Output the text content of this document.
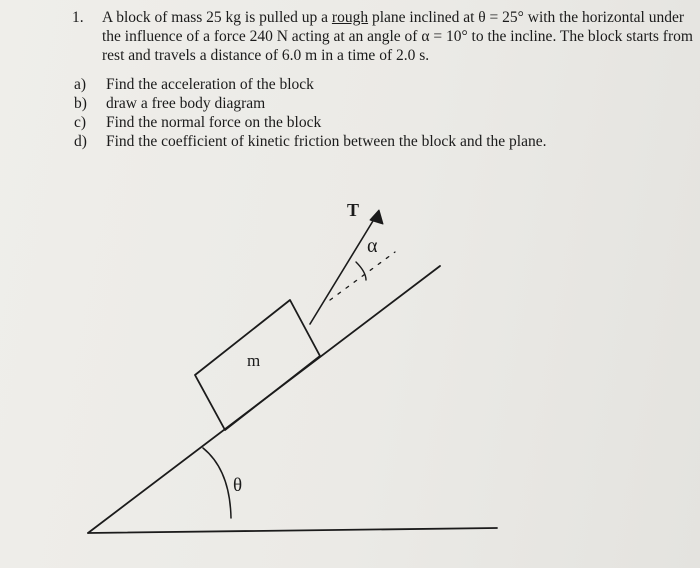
1.	A block of mass 25 kg is pulled up a rough plane inclined at θ = 25° with the horizontal under the influence of a force 240 N acting at an angle of α = 10° to the incline. The block starts from rest and travels a distance of 6.0 m in a time of 2.0 s.
a)	Find the acceleration of the block
b)	draw a free body diagram
c)	Find the normal force on the block
d)	Find the coefficient of kinetic friction between the block and the plane.
T
m
α
θ
